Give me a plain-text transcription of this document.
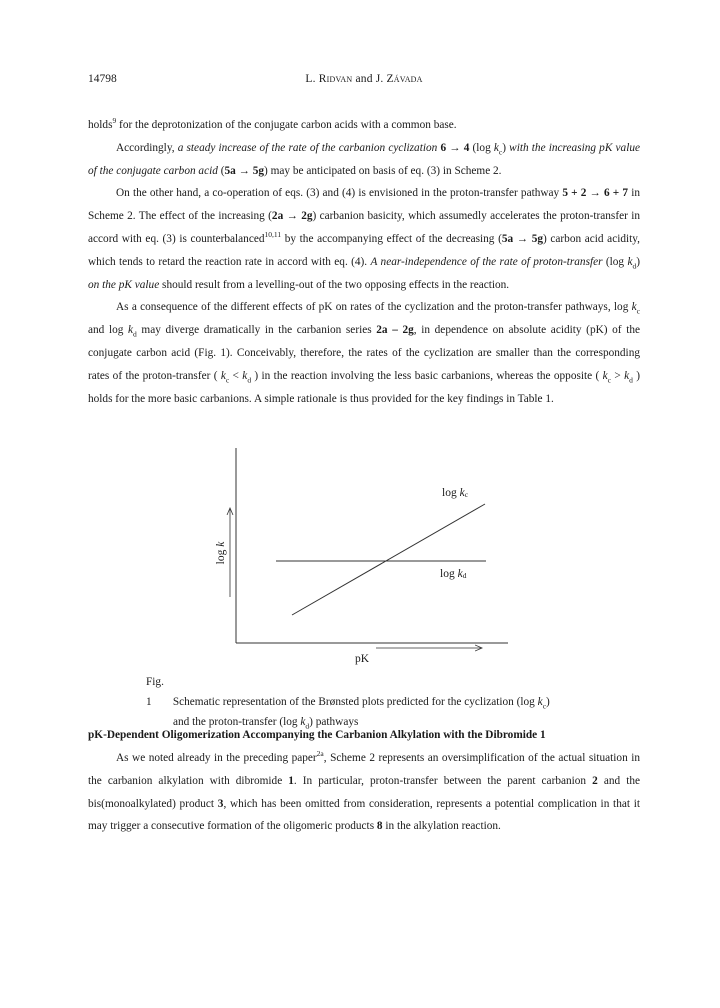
14798	L. Ridvan and J. Závada

holds$^9$ for the deprotonization of the conjugate carbon acids with a common base.

Accordingly, a steady increase of the rate of the carbanion cyclization 6 → 4 (log $k_c$) with the increasing pK value of the conjugate carbon acid (5a → 5g) may be anticipated on basis of eq. (3) in Scheme 2.

On the other hand, a co-operation of eqs. (3) and (4) is envisioned in the proton-transfer pathway 5 + 2 → 6 + 7 in Scheme 2. The effect of the increasing (2a → 2g) carbanion basicity, which assumedly accelerates the proton-transfer in accord with eq. (3) is counterbalanced$^{10,11}$ by the accompanying effect of the decreasing (5a → 5g) carbon acid acidity, which tends to retard the reaction rate in accord with eq. (4). A near-independence of the rate of proton-transfer (log $k_d$) on the pK value should result from a levelling-out of the two opposing effects in the reaction.

As a consequence of the different effects of pK on rates of the cyclization and the proton-transfer pathways, $\log k_c$ and $\log k_d$ may diverge dramatically in the carbanion series 2a – 2g, in dependence on absolute acidity (pK) of the conjugate carbon acid (Fig. 1). Conceivably, therefore, the rates of the cyclization are smaller than the corresponding rates of the proton-transfer ( $k_c < k_d$ ) in the reaction involving the less basic carbanions, whereas the opposite ( $k_c > k_d$ ) holds for the more basic carbanions. A simple rationale is thus provided for the key findings in Table 1.

log k
pK
log kc
log kd
Fig. 1 Schematic representation of the Brønsted plots predicted for the cyclization (log $k_c$)
and the proton-transfer (log $k_d$) pathways
pK-Dependent Oligomerization Accompanying the Carbanion Alkylation with the Dibromide 1

As we noted already in the preceding paper$^{2a}$, Scheme 2 represents an oversimplification of the actual situation in the carbanion alkylation with dibromide 1. In particular, proton-transfer between the parent carbanion 2 and the bis(monoalkylated) product 3, which has been omitted from consideration, represents a potential complication in that it may trigger a consecutive formation of the oligomeric products 8 in the alkylation reaction.
